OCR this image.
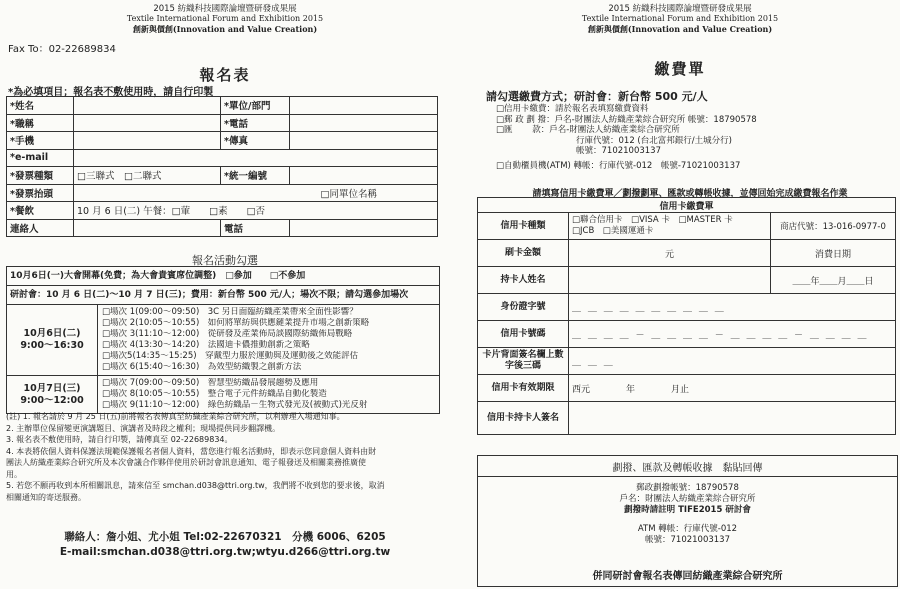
2015 紡織科技國際論壇暨研發成果展
Textile International Forum and Exhibition 2015
創新與價創(Innovation and Value Creation)
Fax To：02-22689834
報名表
*為必填項目；報名表不敷使用時，請自行印製
*姓名		*單位/部門	
*職稱		*電話	
*手機		*傳真	
*e-mail			
*發票種類	□三聯式　 □二聯式	*統一編號	
*發票抬頭	□同單位名稱		
*餐飲	10 月 6 日(二) 午餐：□葷　　□素　　□否		
連絡人		電話	
報名活動勾選
10月6日(一)大會開幕(免費；為大會貴賓席位調整)　□參加　　□不參加
研討會：10 月 6 日(二)～10 月 7 日(三)；費用：新台幣 500 元/人；場次不限；請勾選參加場次
10月6日(二)
9:00～16:30
□場次 1(09:00～09:50)　3C 另日面臨紡織產業帶來全面性影響？
□場次 2(10:05～10:55)　如何將單紡與供應鏈業提升市場之創新策略
□場次 3(11:10～12:00)　從研發及產業佈局談國際紡織佈局戰略
□場次 4(13:30～14:20)　法國迪卡儂推動創新之策略
□場次5(14:35～15:25)　穿戴型力服於運動與及運動後之效能評估
□場次 6(15:40～16:30)　為效型紡織製之創新方法
10月7日(三)
9:00～12:00
□場次 7(09:00～09:50)　智慧型紡織品發展趨勢及應用
□場次 8(10:05～10:55)　整合電子元件紡織品自動化製造
□場次 9(11:10～12:00)　綠色紡織品－生物式發光及(被動式)光反射
(註) 1. 報名請於 9 月 25 日(五)前將報名表傳真至紡織產業綜合研究所，以利辦理入場通知事。
2. 主辦單位保留變更演講題目、演講者及時段之權利；現場提供同步翻譯機。
3. 報名表不敷使用時，請自行印製，請傳真至 02-22689834。
4. 本表將依個人資料保護法規範保護報名者個人資料，當您進行報名活動時，即表示您同意個人資料由財
團法人紡織產業綜合研究所及本次會議合作夥伴使用於研討會訊息通知、電子報發送及相關業務推廣使
用。
5. 若您不願再收到本所相關訊息，請來信至 smchan.d038@ttri.org.tw，我們將不收到您的要求後，取消
相關通知的寄送服務。
聯絡人：詹小姐、尤小姐 Tel:02-22670321　分機 6006、6205
E-mail:smchan.d038@ttri.org.tw;wtyu.d266@ttri.org.tw
2015 紡織科技國際論壇暨研發成果展
Textile International Forum and Exhibition 2015
創新與價創(Innovation and Value Creation)
繳費單
請勾選繳費方式；研討會：新台幣 500 元/人
□信用卡繳費：請於報名表填寫繳費資料
□郵 政 劃 撥：戶名-財團法人紡織產業綜合研究所 帳號：18790578
□匯　　 款：戶名-財團法人紡織產業綜合研究所
行庫代號：012 (台北富邦銀行/土城分行)
帳號：71021003137
□自動櫃員機(ATM) 轉帳：行庫代號-012　帳號-71021003137
請填寫信用卡繳費單／劃撥劃單、匯款或轉帳收據，並傳回始完成繳費報名作業
信用卡繳費單		
信用卡種類	□聯合信用卡　□VISA 卡　□MASTER 卡
□JCB　□美國運通卡	商店代號：13-016-0977-0
刷卡金額	元	消費日期
持卡人姓名		＿＿年＿＿月＿＿日
身份證字號	＿ ＿ ＿ ＿ ＿ ＿ ＿ ＿ ＿ ＿	
信用卡號碼	＿ ＿ ＿ ＿ － ＿ ＿ ＿ ＿ － ＿ ＿ ＿ ＿ － ＿ ＿ ＿ ＿	
卡片背面簽名欄上數字後三碼	＿ ＿ ＿	
信用卡有效期限	西元　　　　年　　　　月止	
信用卡持卡人簽名		
劃撥、匯款及轉帳收據　黏貼回傳
郵政劃撥帳號：18790578
戶名：財團法人紡織產業綜合研究所
劃撥時請註明 TIFE2015 研討會
ATM 轉帳：行庫代號-012
帳號：71021003137
併同研討會報名表傳回紡織產業綜合研究所
